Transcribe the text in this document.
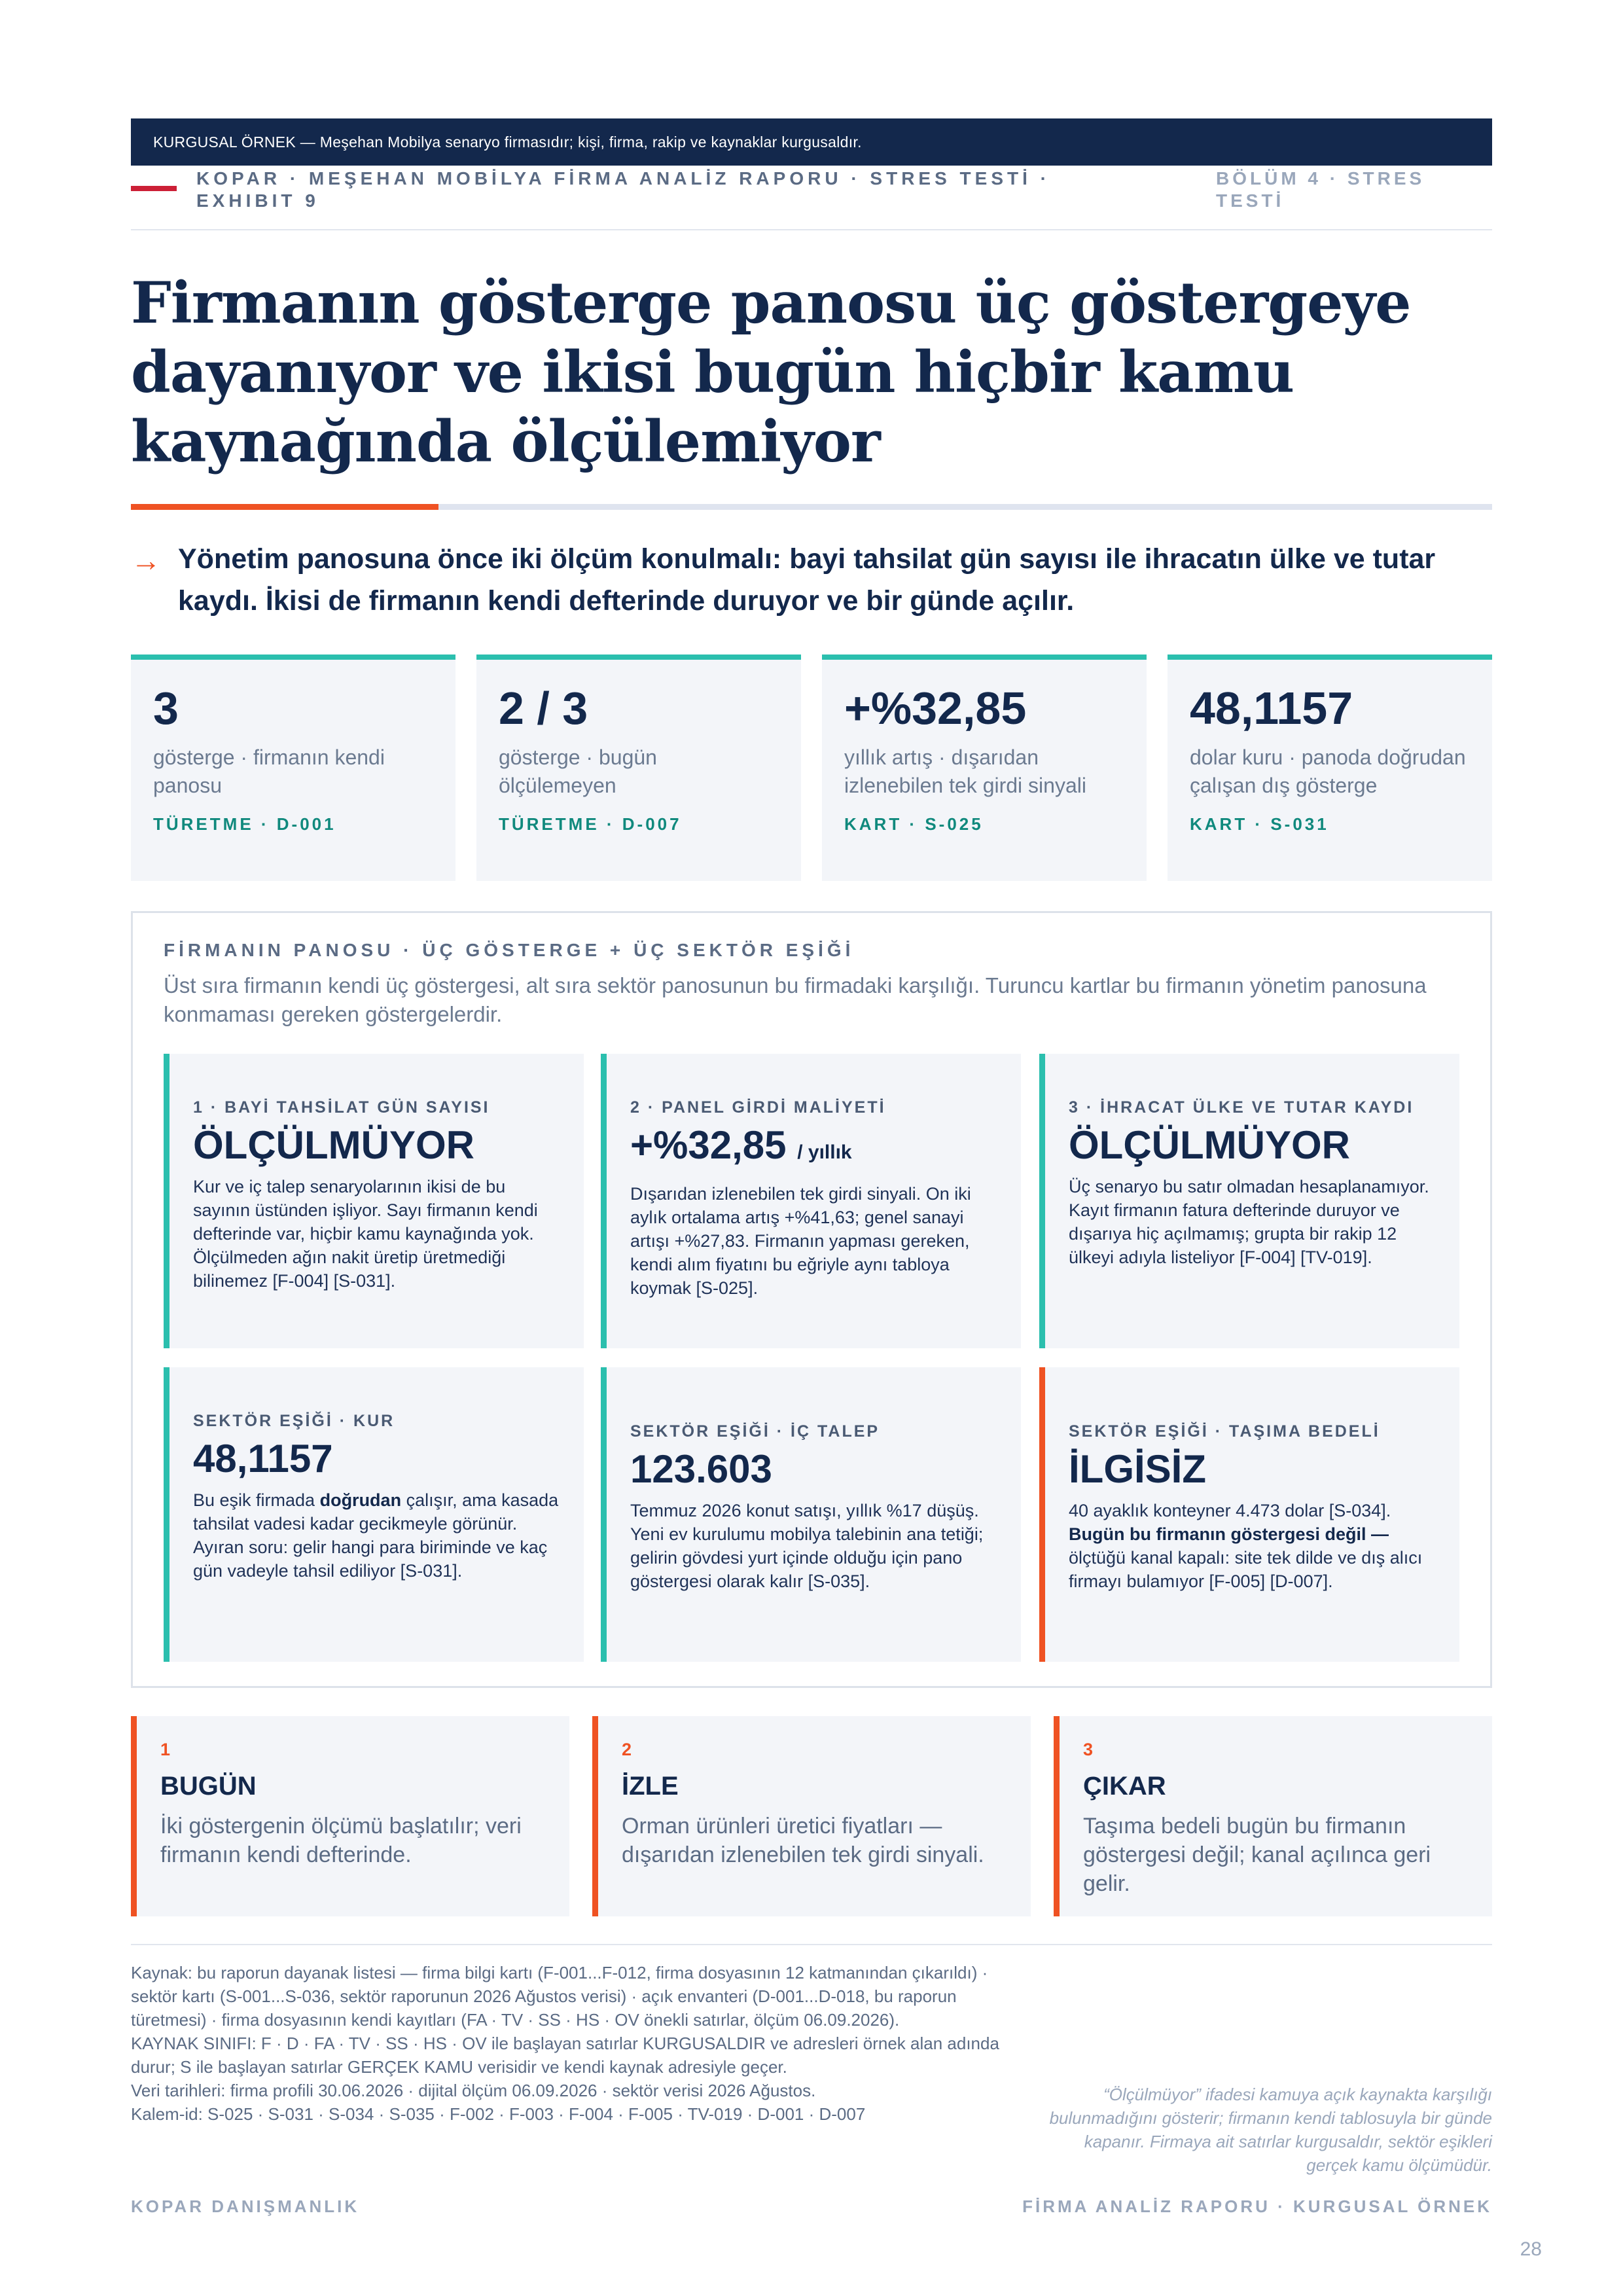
KURGUSAL ÖRNEK — Meşehan Mobilya senaryo firmasıdır; kişi, firma, rakip ve kaynaklar kurgusaldır.
KOPAR · MEŞEHAN MOBİLYA FİRMA ANALİZ RAPORU · STRES TESTİ · EXHIBIT 9
BÖLÜM 4 · STRES TESTİ
Firmanın gösterge panosu üç göstergeye dayanıyor ve ikisi bugün hiçbir kamu kaynağında ölçülemiyor
→ Yönetim panosuna önce iki ölçüm konulmalı: bayi tahsilat gün sayısı ile ihracatın ülke ve tutar kaydı. İkisi de firmanın kendi defterinde duruyor ve bir günde açılır.

3
gösterge · firmanın kendi panosu
TÜRETME · D-001
2 / 3
gösterge · bugün ölçülemeyen
TÜRETME · D-007
+%32,85
yıllık artış · dışarıdan izlenebilen tek girdi sinyali
KART · S-025
48,1157
dolar kuru · panoda doğrudan çalışan dış gösterge
KART · S-031
FİRMANIN PANOSU · ÜÇ GÖSTERGE + ÜÇ SEKTÖR EŞİĞİ
Üst sıra firmanın kendi üç göstergesi, alt sıra sektör panosunun bu firmadaki karşılığı. Turuncu kartlar bu firmanın yönetim panosuna konmaması gereken göstergelerdir.
1 · BAYİ TAHSİLAT GÜN SAYISI
ÖLÇÜLMÜYOR
Kur ve iç talep senaryolarının ikisi de bu sayının üstünden işliyor. Sayı firmanın kendi defterinde var, hiçbir kamu kaynağında yok. Ölçülmeden ağın nakit üretip üretmediği bilinemez [F-004] [S-031].
2 · PANEL GİRDİ MALİYETİ
+%32,85 / yıllık
Dışarıdan izlenebilen tek girdi sinyali. On iki aylık ortalama artış +%41,63; genel sanayi artışı +%27,83. Firmanın yapması gereken, kendi alım fiyatını bu eğriyle aynı tabloya koymak [S-025].
3 · İHRACAT ÜLKE VE TUTAR KAYDI
ÖLÇÜLMÜYOR
Üç senaryo bu satır olmadan hesaplanamıyor. Kayıt firmanın fatura defterinde duruyor ve dışarıya hiç açılmamış; grupta bir rakip 12 ülkeyi adıyla listeliyor [F-004] [TV-019].
SEKTÖR EŞİĞİ · KUR
48,1157
Bu eşik firmada doğrudan çalışır, ama kasada tahsilat vadesi kadar gecikmeyle görünür. Ayıran soru: gelir hangi para biriminde ve kaç gün vadeyle tahsil ediliyor [S-031].
SEKTÖR EŞİĞİ · İÇ TALEP
123.603
Temmuz 2026 konut satışı, yıllık %17 düşüş. Yeni ev kurulumu mobilya talebinin ana tetiği; gelirin gövdesi yurt içinde olduğu için pano göstergesi olarak kalır [S-035].
SEKTÖR EŞİĞİ · TAŞIMA BEDELİ
İLGİSİZ
40 ayaklık konteyner 4.473 dolar [S-034]. Bugün bu firmanın göstergesi değil — ölçtüğü kanal kapalı: site tek dilde ve dış alıcı firmayı bulamıyor [F-005] [D-007].
1
BUGÜN
İki göstergenin ölçümü başlatılır; veri firmanın kendi defterinde.
2
İZLE
Orman ürünleri üretici fiyatları — dışarıdan izlenebilen tek girdi sinyali.
3
ÇIKAR
Taşıma bedeli bugün bu firmanın göstergesi değil; kanal açılınca geri gelir.
Kaynak: bu raporun dayanak listesi — firma bilgi kartı (F-001...F-012, firma dosyasının 12 katmanından çıkarıldı) · sektör kartı (S-001...S-036, sektör raporunun 2026 Ağustos verisi) · açık envanteri (D-001...D-018, bu raporun türetmesi) · firma dosyasının kendi kayıtları (FA · TV · SS · HS · OV önekli satırlar, ölçüm 06.09.2026).
KAYNAK SINIFI: F · D · FA · TV · SS · HS · OV ile başlayan satırlar KURGUSALDIR ve adresleri örnek alan adında durur; S ile başlayan satırlar GERÇEK KAMU verisidir ve kendi kaynak adresiyle geçer.
Veri tarihleri: firma profili 30.06.2026 · dijital ölçüm 06.09.2026 · sektör verisi 2026 Ağustos.
Kalem-id: S-025 · S-031 · S-034 · S-035 · F-002 · F-003 · F-004 · F-005 · TV-019 · D-001 · D-007
“Ölçülmüyor” ifadesi kamuya açık kaynakta karşılığı bulunmadığını gösterir; firmanın kendi tablosuyla bir günde kapanır. Firmaya ait satırlar kurgusaldır, sektör eşikleri gerçek kamu ölçümüdür.
KOPAR DANIŞMANLIK	FİRMA ANALİZ RAPORU · KURGUSAL ÖRNEK
28
